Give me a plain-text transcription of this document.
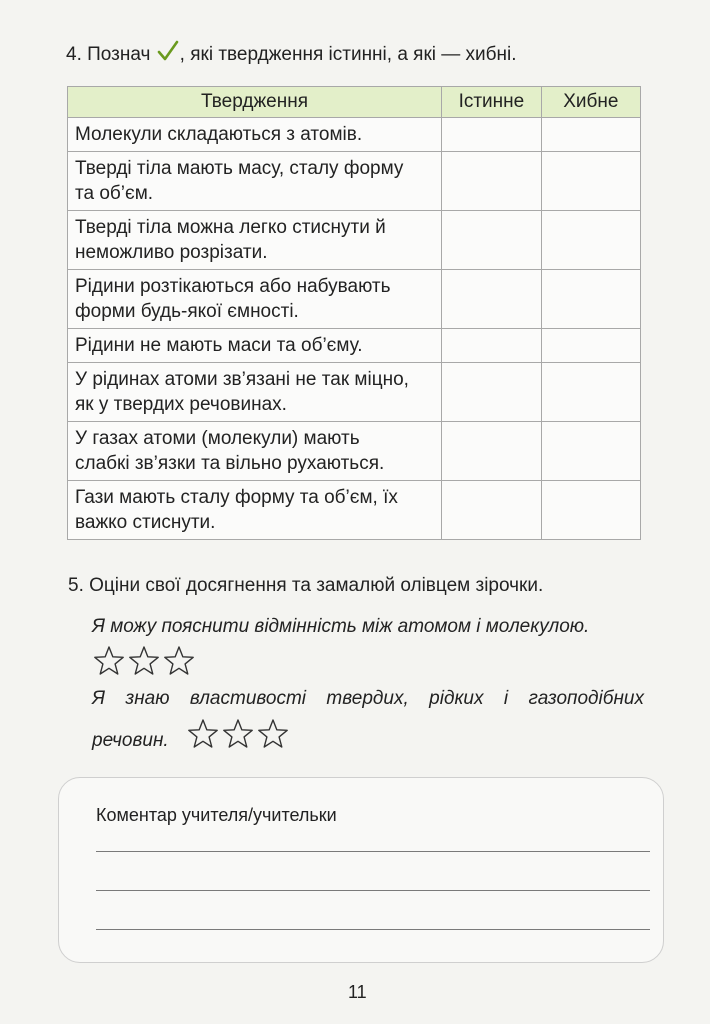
4. Познач , які твердження істинні, а які — хибні.
Твердження	Істинне	Хибне

Молекули складаються з атомів.		

Тверді тіла мають масу, сталу форму
та об’єм.		

Тверді тіла можна легко стиснути й
неможливо розрізати.		

Рідини розтікаються або набувають
форми будь-якої ємності.		

Рідини не мають маси та об’єму.		

У рідинах атоми зв’язані не так міцно,
як у твердих речовинах.		

У газах атоми (молекули) мають
слабкі зв’язки та вільно рухаються.		

Гази мають сталу форму та об’єм, їх
важко стиснути.		

5. Оціни свої досягнення та замалюй олівцем зірочки.
Я можу пояснити відмінність між атомом і молекулою.
Я знаю властивості твердих, рідких і газоподібних
речовин.
Коментар учителя/учительки
11
